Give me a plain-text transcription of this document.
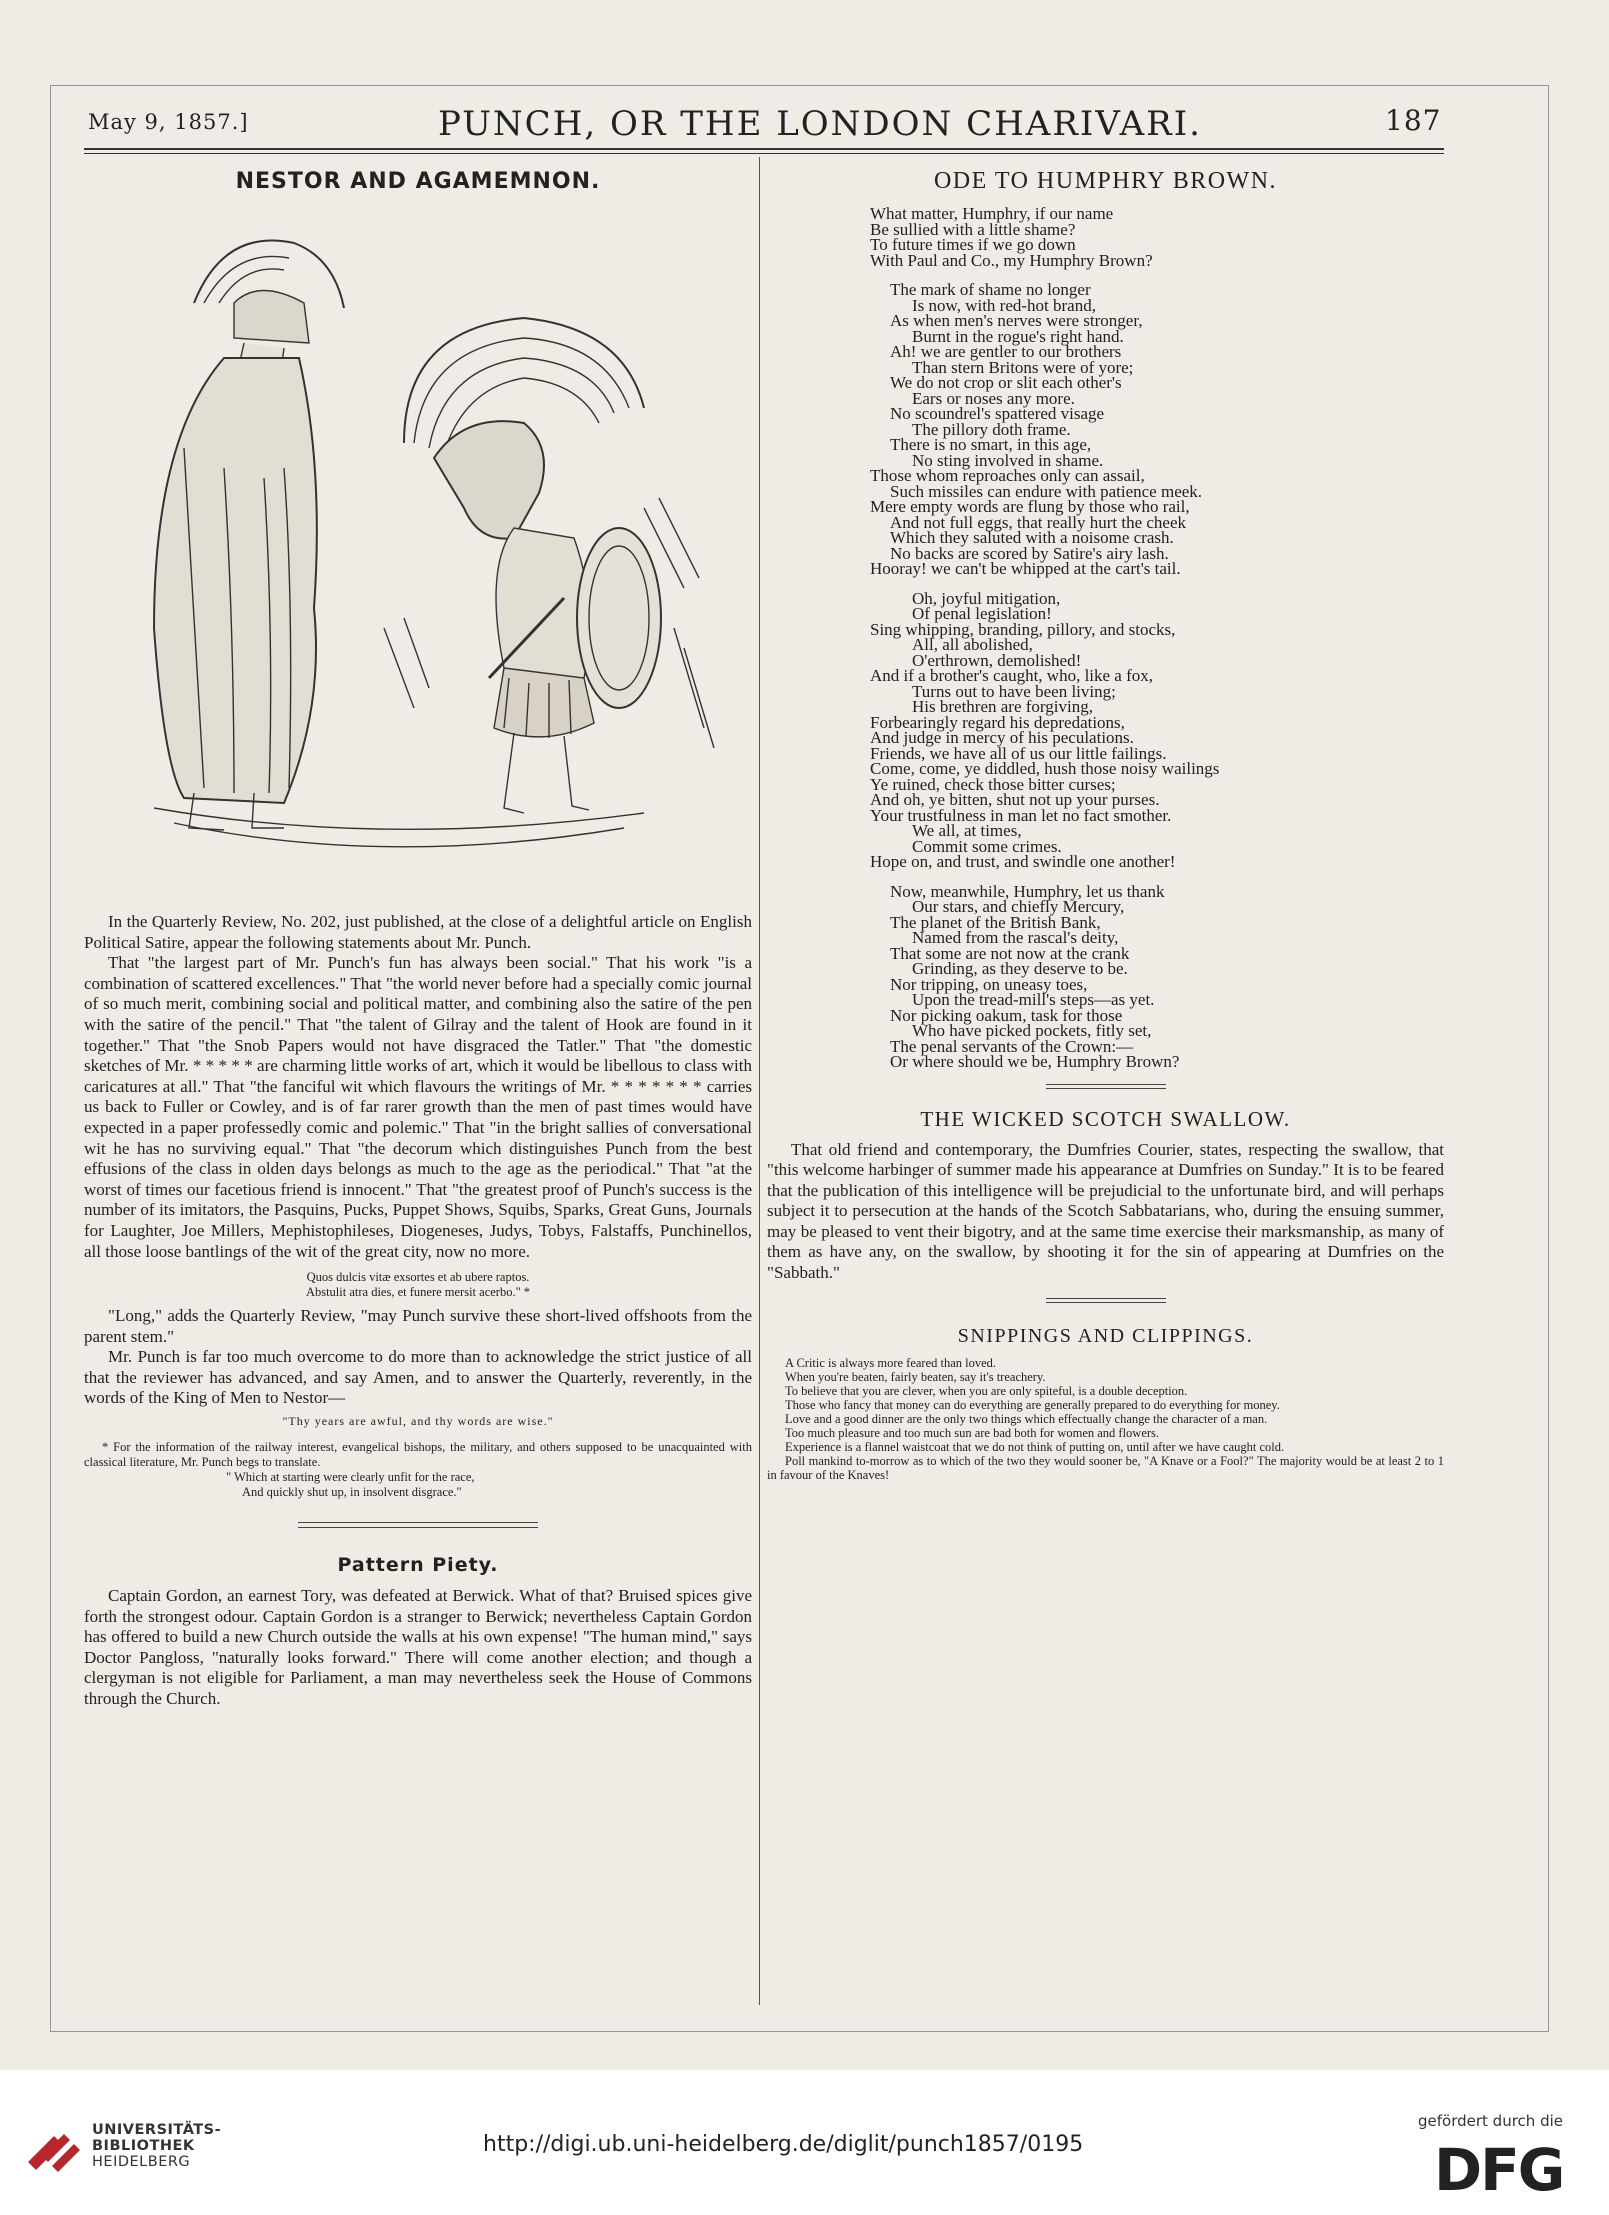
May 9, 1857.]	PUNCH, OR THE LONDON CHARIVARI.	187
NESTOR AND AGAMEMNON.

In the Quarterly Review, No. 202, just published, at the close of a delightful article on English Political Satire, appear the following statements about Mr. Punch.

That "the largest part of Mr. Punch's fun has always been social." That his work "is a combination of scattered excellences." That "the world never before had a specially comic journal of so much merit, combining social and political matter, and combining also the satire of the pen with the satire of the pencil." That "the talent of Gilray and the talent of Hook are found in it together." That "the Snob Papers would not have disgraced the Tatler." That "the domestic sketches of Mr. * * * * * are charming little works of art, which it would be libellous to class with caricatures at all." That "the fanciful wit which flavours the writings of Mr. * * * * * * * carries us back to Fuller or Cowley, and is of far rarer growth than the men of past times would have expected in a paper professedly comic and polemic." That "in the bright sallies of conversational wit he has no surviving equal." That "the decorum which distinguishes Punch from the best effusions of the class in olden days belongs as much to the age as the periodical." That "at the worst of times our facetious friend is innocent." That "the greatest proof of Punch's success is the number of its imitators, the Pasquins, Pucks, Puppet Shows, Squibs, Sparks, Great Guns, Journals for Laughter, Joe Millers, Mephistophileses, Diogeneses, Judys, Tobys, Falstaffs, Punchinellos, all those loose bantlings of the wit of the great city, now no more.

Quos dulcis vitæ exsortes et ab ubere raptos.
Abstulit atra dies, et funere mersit acerbo." *

"Long," adds the Quarterly Review, "may Punch survive these short-lived offshoots from the parent stem."

Mr. Punch is far too much overcome to do more than to acknowledge the strict justice of all that the reviewer has advanced, and say Amen, and to answer the Quarterly, reverently, in the words of the King of Men to Nestor—

"Thy years are awful, and thy words are wise."

* For the information of the railway interest, evangelical bishops, the military, and others supposed to be unacquainted with classical literature, Mr. Punch begs to translate.

" Which at starting were clearly unfit for the race,
And quickly shut up, in insolvent disgrace."
Pattern Piety.

Captain Gordon, an earnest Tory, was defeated at Berwick. What of that? Bruised spices give forth the strongest odour. Captain Gordon is a stranger to Berwick; nevertheless Captain Gordon has offered to build a new Church outside the walls at his own expense! "The human mind," says Doctor Pangloss, "naturally looks forward." There will come another election; and though a clergyman is not eligible for Parliament, a man may nevertheless seek the House of Commons through the Church.

ODE TO HUMPHRY BROWN.
What matter, Humphry, if our name
Be sullied with a little shame?
To future times if we go down
With Paul and Co., my Humphry Brown?
The mark of shame no longer
Is now, with red-hot brand,
As when men's nerves were stronger,
Burnt in the rogue's right hand.
Ah! we are gentler to our brothers
Than stern Britons were of yore;
We do not crop or slit each other's
Ears or noses any more.
No scoundrel's spattered visage
The pillory doth frame.
There is no smart, in this age,
No sting involved in shame.
Those whom reproaches only can assail,
Such missiles can endure with patience meek.
Mere empty words are flung by those who rail,
And not full eggs, that really hurt the cheek
Which they saluted with a noisome crash.
No backs are scored by Satire's airy lash.
Hooray! we can't be whipped at the cart's tail.
Oh, joyful mitigation,
Of penal legislation!
Sing whipping, branding, pillory, and stocks,
All, all abolished,
O'erthrown, demolished!
And if a brother's caught, who, like a fox,
Turns out to have been living;
His brethren are forgiving,
Forbearingly regard his depredations,
And judge in mercy of his peculations.
Friends, we have all of us our little failings.
Come, come, ye diddled, hush those noisy wailings
Ye ruined, check those bitter curses;
And oh, ye bitten, shut not up your purses.
Your trustfulness in man let no fact smother.
We all, at times,
Commit some crimes.
Hope on, and trust, and swindle one another!
Now, meanwhile, Humphry, let us thank
Our stars, and chiefly Mercury,
The planet of the British Bank,
Named from the rascal's deity,
That some are not now at the crank
Grinding, as they deserve to be.
Nor tripping, on uneasy toes,
Upon the tread-mill's steps—as yet.
Nor picking oakum, task for those
Who have picked pockets, fitly set,
The penal servants of the Crown:—
Or where should we be, Humphry Brown?
THE WICKED SCOTCH SWALLOW.

That old friend and contemporary, the Dumfries Courier, states, respecting the swallow, that "this welcome harbinger of summer made his appearance at Dumfries on Sunday." It is to be feared that the publication of this intelligence will be prejudicial to the unfortunate bird, and will perhaps subject it to persecution at the hands of the Scotch Sabbatarians, who, during the ensuing summer, may be pleased to vent their bigotry, and at the same time exercise their marksmanship, as many of them as have any, on the swallow, by shooting it for the sin of appearing at Dumfries on the "Sabbath."

SNIPPINGS AND CLIPPINGS.

A Critic is always more feared than loved.

When you're beaten, fairly beaten, say it's treachery.

To believe that you are clever, when you are only spiteful, is a double deception.

Those who fancy that money can do everything are generally prepared to do everything for money.

Love and a good dinner are the only two things which effectually change the character of a man.

Too much pleasure and too much sun are bad both for women and flowers.

Experience is a flannel waistcoat that we do not think of putting on, until after we have caught cold.

Poll mankind to-morrow as to which of the two they would sooner be, "A Knave or a Fool?" The majority would be at least 2 to 1 in favour of the Knaves!

UNIVERSITÄTS-
BIBLIOTHEK
HEIDELBERG
http://digi.ub.uni-heidelberg.de/diglit/punch1857/0195
gefördert durch die
DFG
